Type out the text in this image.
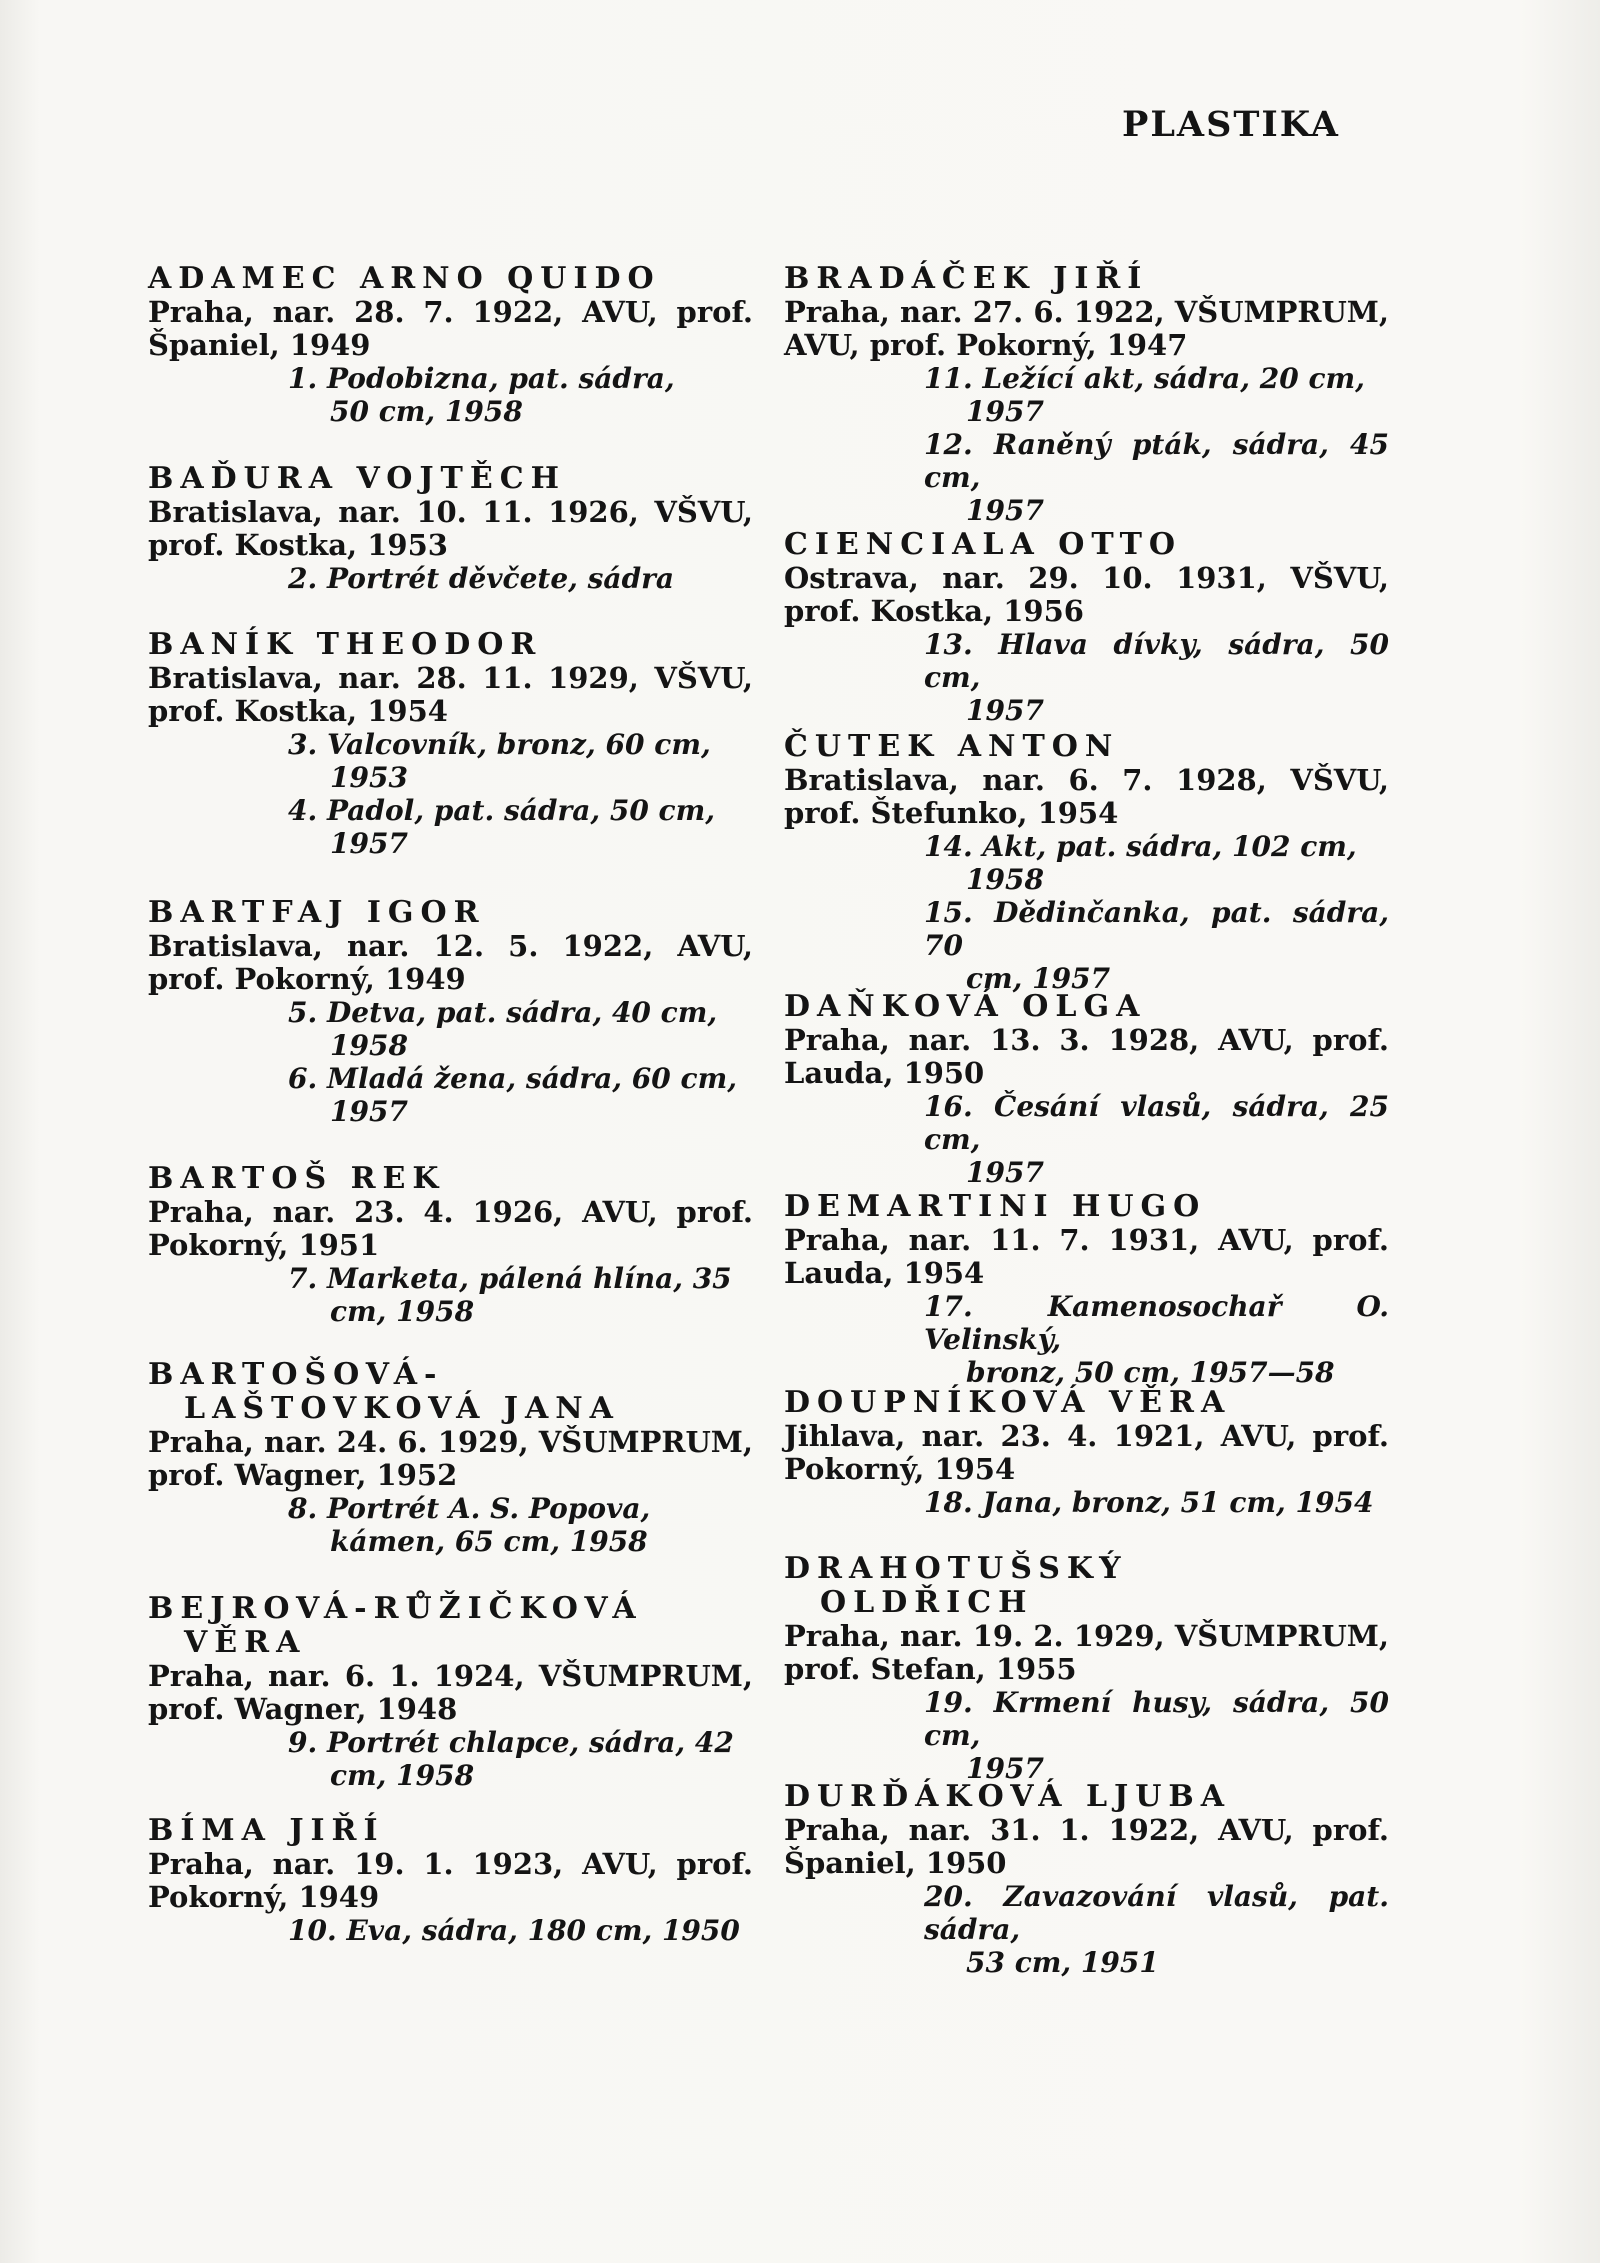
PLASTIKA
ADAMEC ARNO QUIDO
Praha, nar. 28. 7. 1922, AVU, prof. Španiel, 1949
1. Podobizna, pat. sádra,
50 cm, 1958
BAĎURA VOJTĚCH
Bratislava, nar. 10. 11. 1926, VŠVU, prof. Kostka, 1953
2. Portrét děvčete, sádra
BANÍK THEODOR
Bratislava, nar. 28. 11. 1929, VŠVU, prof. Kostka, 1954
3. Valcovník, bronz, 60 cm,
1953
4. Padol, pat. sádra, 50 cm,
1957
BARTFAJ IGOR
Bratislava, nar. 12. 5. 1922, AVU, prof. Pokorný, 1949
5. Detva, pat. sádra, 40 cm,
1958
6. Mladá žena, sádra, 60 cm,
1957
BARTOŠ REK
Praha, nar. 23. 4. 1926, AVU, prof. Pokorný, 1951
7. Marketa, pálená hlína, 35
cm, 1958
BARTOŠOVÁ-
LAŠTOVKOVÁ JANA
Praha, nar. 24. 6. 1929, VŠUMPRUM, prof. Wagner, 1952
8. Portrét A. S. Popova,
kámen, 65 cm, 1958
BEJROVÁ-RŮŽIČKOVÁ
VĚRA
Praha, nar. 6. 1. 1924, VŠUMPRUM, prof. Wagner, 1948
9. Portrét chlapce, sádra, 42
cm, 1958
BÍMA JIŘÍ
Praha, nar. 19. 1. 1923, AVU, prof. Pokorný, 1949
10. Eva, sádra, 180 cm, 1950
BRADÁČEK JIŘÍ
Praha, nar. 27. 6. 1922, VŠUMPRUM, AVU, prof. Pokorný, 1947
11. Ležící akt, sádra, 20 cm,
1957
12. Raněný pták, sádra, 45 cm,
1957
CIENCIALA OTTO
Ostrava, nar. 29. 10. 1931, VŠVU, prof. Kostka, 1956
13. Hlava dívky, sádra, 50 cm,
1957
ČUTEK ANTON
Bratislava, nar. 6. 7. 1928, VŠVU, prof. Štefunko, 1954
14. Akt, pat. sádra, 102 cm,
1958
15. Dědinčanka, pat. sádra, 70
cm, 1957
DAŇKOVÁ OLGA
Praha, nar. 13. 3. 1928, AVU, prof. Lauda, 1950
16. Česání vlasů, sádra, 25 cm,
1957
DEMARTINI HUGO
Praha, nar. 11. 7. 1931, AVU, prof. Lauda, 1954
17. Kamenosochař O. Velinský,
bronz, 50 cm, 1957—58
DOUPNÍKOVÁ VĚRA
Jihlava, nar. 23. 4. 1921, AVU, prof. Pokorný, 1954
18. Jana, bronz, 51 cm, 1954
DRAHOTUŠSKÝ
OLDŘICH
Praha, nar. 19. 2. 1929, VŠUMPRUM, prof. Stefan, 1955
19. Krmení husy, sádra, 50 cm,
1957
DURĎÁKOVÁ LJUBA
Praha, nar. 31. 1. 1922, AVU, prof. Španiel, 1950
20. Zavazování vlasů, pat. sádra,
53 cm, 1951
